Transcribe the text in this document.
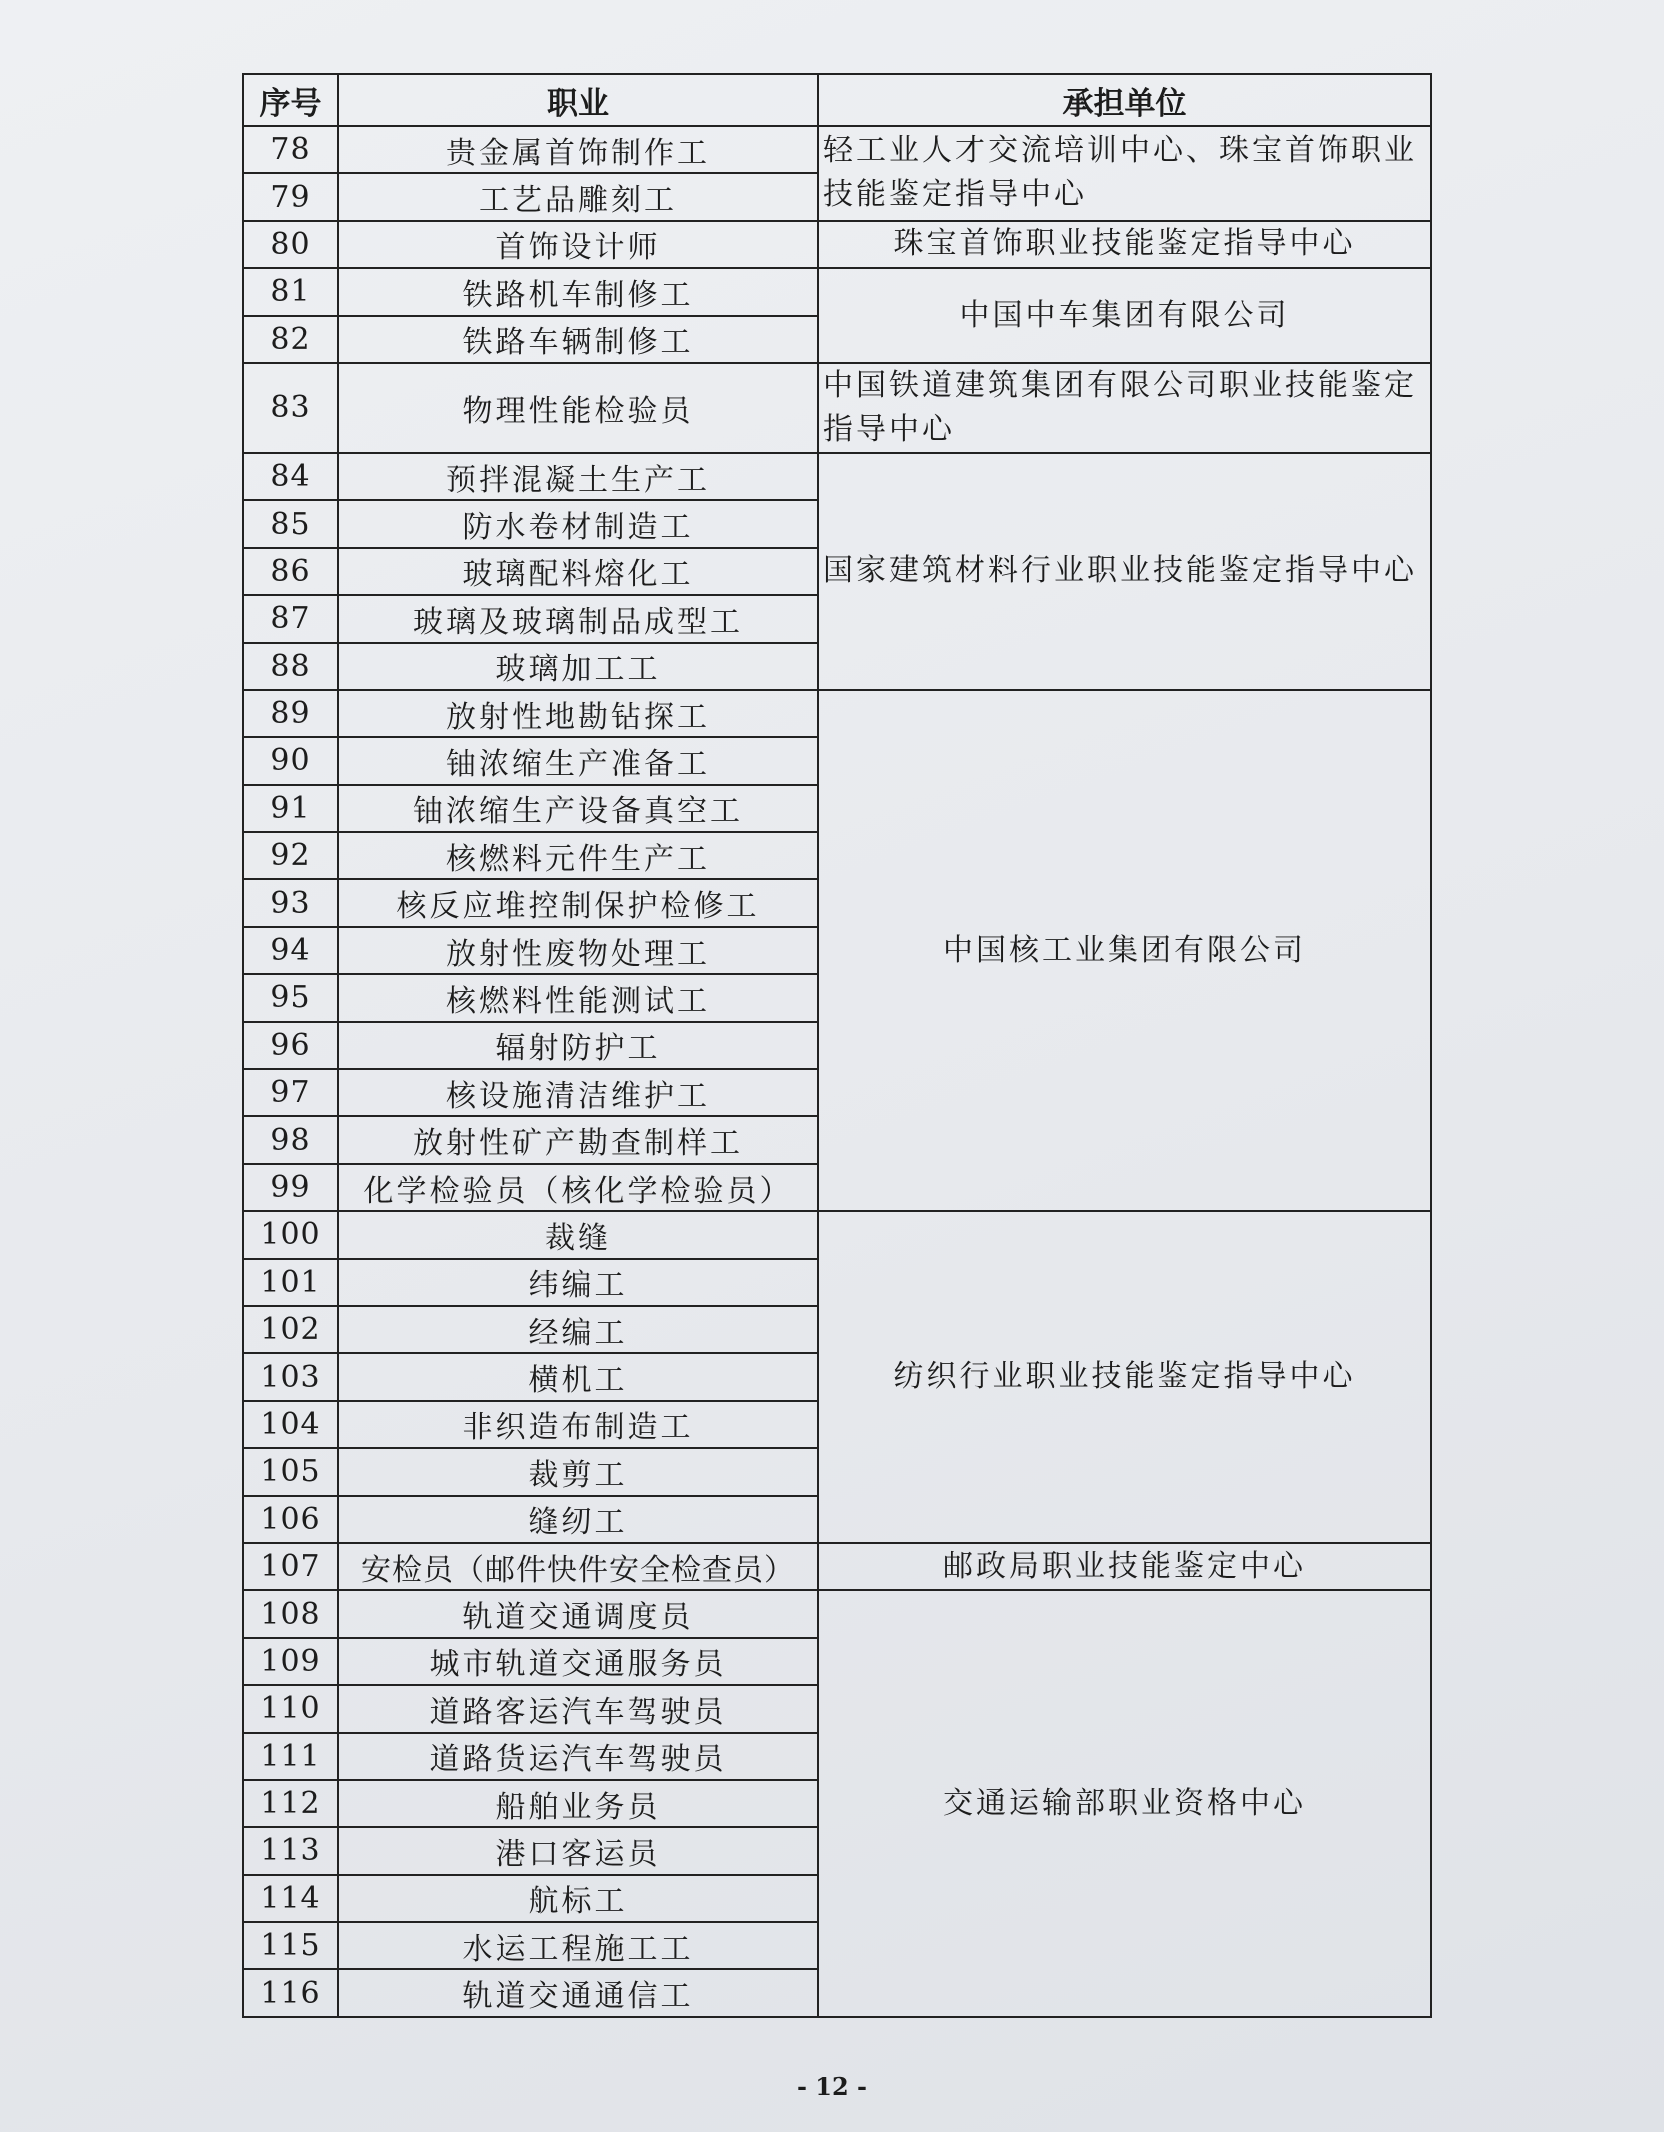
序号	职业	承担单位
78	贵金属首饰制作工	轻工业人才交流培训中心、珠宝首饰职业技能鉴定指导中心
79	工艺品雕刻工	
80	首饰设计师	珠宝首饰职业技能鉴定指导中心
81	铁路机车制修工	中国中车集团有限公司
82	铁路车辆制修工	
83	物理性能检验员	中国铁道建筑集团有限公司职业技能鉴定指导中心
84	预拌混凝土生产工	国家建筑材料行业职业技能鉴定指导中心
85	防水卷材制造工	
86	玻璃配料熔化工	
87	玻璃及玻璃制品成型工	
88	玻璃加工工	
89	放射性地勘钻探工	中国核工业集团有限公司
90	铀浓缩生产准备工	
91	铀浓缩生产设备真空工	
92	核燃料元件生产工	
93	核反应堆控制保护检修工	
94	放射性废物处理工	
95	核燃料性能测试工	
96	辐射防护工	
97	核设施清洁维护工	
98	放射性矿产勘查制样工	
99	化学检验员（核化学检验员）	
100	裁缝	纺织行业职业技能鉴定指导中心
101	纬编工	
102	经编工	
103	横机工	
104	非织造布制造工	
105	裁剪工	
106	缝纫工	
107	安检员（邮件快件安全检查员）	邮政局职业技能鉴定中心
108	轨道交通调度员	交通运输部职业资格中心
109	城市轨道交通服务员	
110	道路客运汽车驾驶员	
111	道路货运汽车驾驶员	
112	船舶业务员	
113	港口客运员	
114	航标工	
115	水运工程施工工	
116	轨道交通通信工	
- 12 -
